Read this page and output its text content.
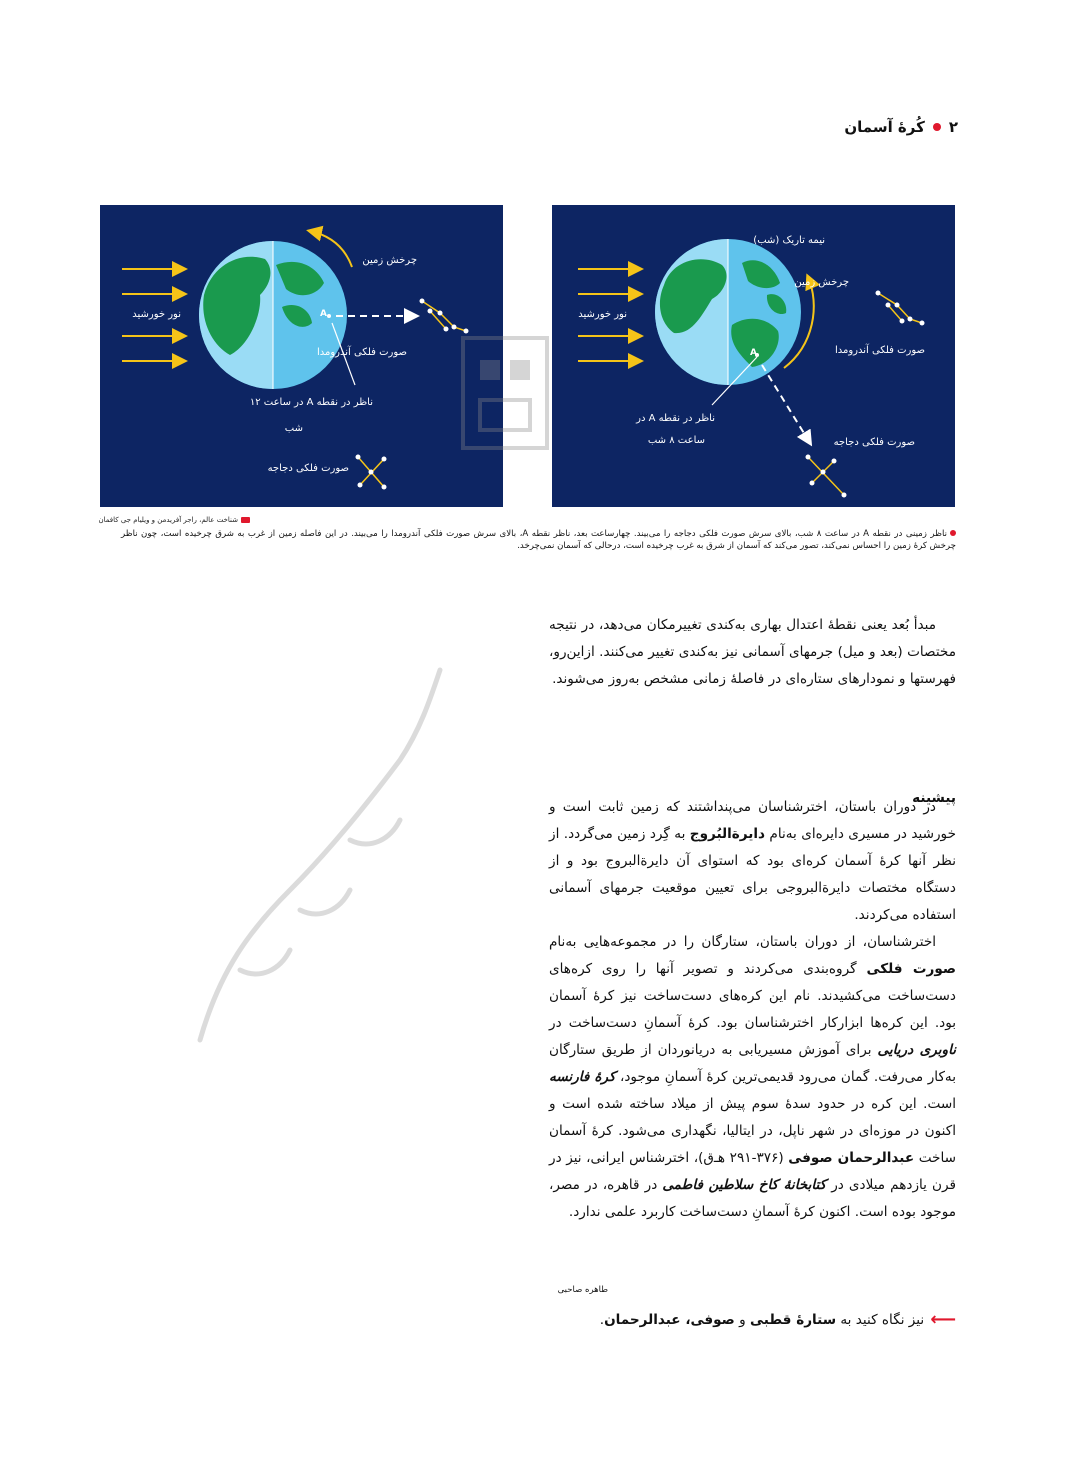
۲
کُرۀ آسمان
نیمه تاریک (شب)
چرخش زمین
نور خورشید
صورت فلکی آندرومدا
A
ناظر در نقطه A در
ساعت ۸ شب	صورت فلکی دجاجه
چرخش زمین
نور خورشید
صورت فلکی آندرومدا
A
ناظر در نقطه A در ساعت ۱۲
شب
صورت فلکی دجاجه
شناخت عالم، راجر آفریدمن و ویلیام جی کافمان
ناظر زمینی در نقطه A در ساعت ۸ شب، بالای سرش صورت فلکی دجاجه را می‌بیند. چهارساعت بعد، ناظر نقطه A، بالای سرش صورت فلکی آندرومدا را می‌بیند. در این فاصله زمین از غرب به شرق چرخیده است، چون ناظر چرخش کرۀ زمین را احساس نمی‌کند، تصور می‌کند که آسمان از شرق به غرب چرخیده است، درحالی که آسمان نمی‌چرخد.

مبدأ بُعد یعنی نقطۀ اعتدال بهاری به‌کندی تغییرمکان می‌دهد، در نتیجه مختصات (بعد و میل) جرمهای آسمانی نیز به‌کندی تغییر می‌کنند. ازاین‌رو، فهرستها و نمودارهای ستاره‌ای در فاصلۀ زمانی مشخص به‌روز می‌شوند.

پیشینه

در دوران باستان، اخترشناسان می‌پنداشتند که زمین ثابت است و خورشید در مسیری دایره‌ای به‌نام دایرةالبُروج به گِرد زمین می‌گردد. از نظر آنها کرۀ آسمان کره‌ای بود که استوای آن دایرةالبروج بود و از دستگاه مختصات دایرةالبروجی برای تعیین موقعیت جرمهای آسمانی استفاده می‌کردند.

اخترشناسان، از دوران باستان، ستارگان را در مجموعه‌هایی به‌نام صورت فلکی گروه‌بندی می‌کردند و تصویر آنها را روی کره‌های دست‌ساخت می‌کشیدند. نام این کره‌های دست‌ساخت نیز کرۀ آسمان بود. این کره‌ها ابزارکار اخترشناسان بود. کرۀ آسمانِ دست‌ساخت در ناوبری دریایی برای آموزش مسیریابی به دریانوردان از طریق ستارگان به‌کار می‌رفت. گمان می‌رود قدیمی‌ترین کرۀ آسمانِ موجود، کرۀ فارنسه است. این کره در حدود سدۀ سوم پیش از میلاد ساخته شده است و اکنون در موزه‌ای در شهر ناپل، در ایتالیا، نگهداری می‌شود. کرۀ آسمان ساخت عبدالرحمان صوفی (۳۷۶-۲۹۱ هـ‌ق)، اخترشناس ایرانی، نیز در قرن یازدهم میلادی در کتابخانۀ کاخ سلاطین فاطمی در قاهره، در مصر، موجود بوده است. اکنون کرۀ آسمانِ دست‌ساخت کاربرد علمی ندارد.

طاهره صاحبی
⟵
نیز نگاه کنید به ستارۀ قطبی و صوفی، عبدالرحمان.
